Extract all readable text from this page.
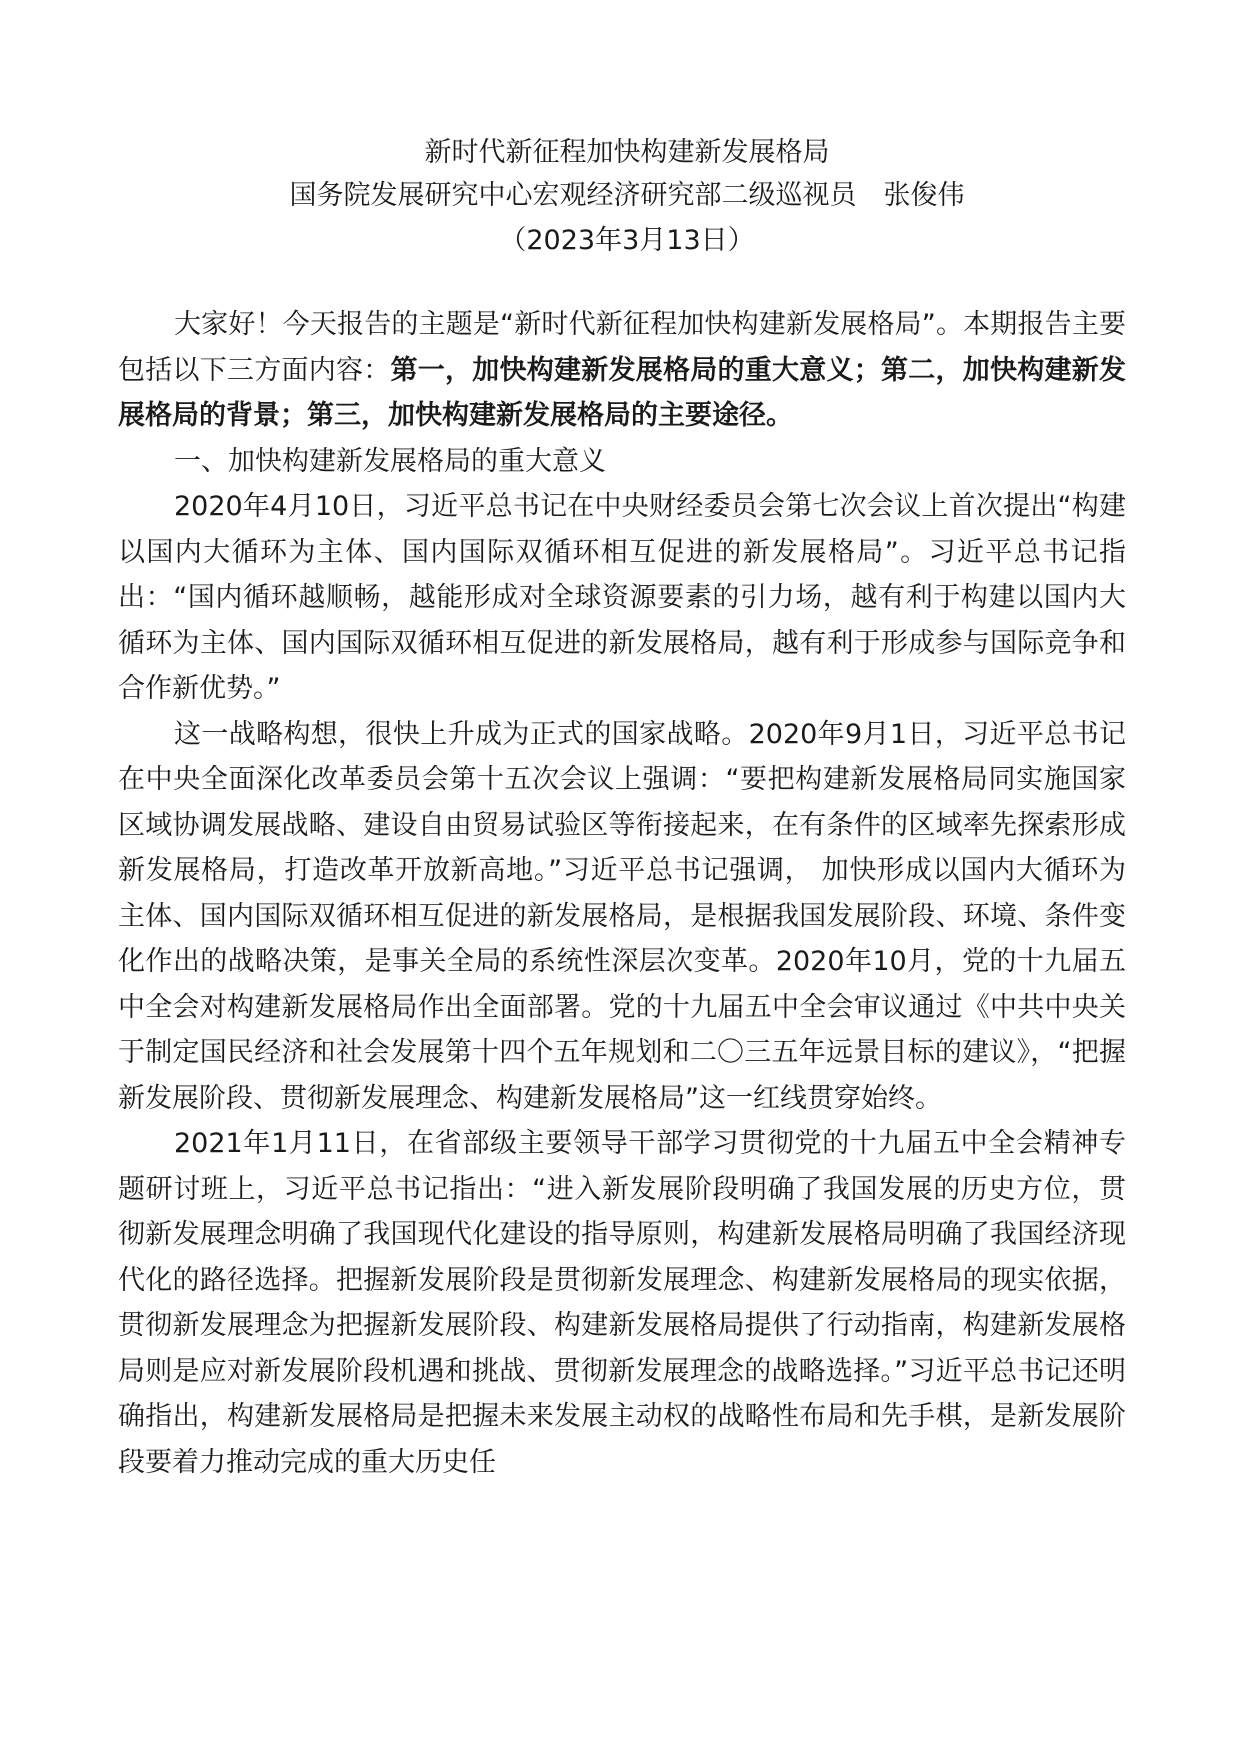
新时代新征程加快构建新发展格局
国务院发展研究中心宏观经济研究部二级巡视员　张俊伟
（2023年3月13日）

大家好！今天报告的主题是“新时代新征程加快构建新发展格局”。本期报告主要包括以下三方面内容：第一，加快构建新发展格局的重大意义；第二，加快构建新发展格局的背景；第三，加快构建新发展格局的主要途径。

一、加快构建新发展格局的重大意义

2020年4月10日，习近平总书记在中央财经委员会第七次会议上首次提出“构建以国内大循环为主体、国内国际双循环相互促进的新发展格局”。习近平总书记指出：“国内循环越顺畅，越能形成对全球资源要素的引力场，越有利于构建以国内大循环为主体、国内国际双循环相互促进的新发展格局，越有利于形成参与国际竞争和合作新优势。”

这一战略构想，很快上升成为正式的国家战略。2020年9月1日，习近平总书记在中央全面深化改革委员会第十五次会议上强调：“要把构建新发展格局同实施国家区域协调发展战略、建设自由贸易试验区等衔接起来，在有条件的区域率先探索形成新发展格局，打造改革开放新高地。”习近平总书记强调， 加快形成以国内大循环为主体、国内国际双循环相互促进的新发展格局，是根据我国发展阶段、环境、条件变化作出的战略决策，是事关全局的系统性深层次变革。2020年10月，党的十九届五中全会对构建新发展格局作出全面部署。党的十九届五中全会审议通过《中共中央关于制定国民经济和社会发展第十四个五年规划和二〇三五年远景目标的建议》，“把握新发展阶段、贯彻新发展理念、构建新发展格局”这一红线贯穿始终。

2021年1月11日，在省部级主要领导干部学习贯彻党的十九届五中全会精神专题研讨班上，习近平总书记指出：“进入新发展阶段明确了我国发展的历史方位，贯彻新发展理念明确了我国现代化建设的指导原则，构建新发展格局明确了我国经济现代化的路径选择。把握新发展阶段是贯彻新发展理念、构建新发展格局的现实依据，贯彻新发展理念为把握新发展阶段、构建新发展格局提供了行动指南，构建新发展格局则是应对新发展阶段机遇和挑战、贯彻新发展理念的战略选择。”习近平总书记还明确指出，构建新发展格局是把握未来发展主动权的战略性布局和先手棋，是新发展阶段要着力推动完成的重大历史任
